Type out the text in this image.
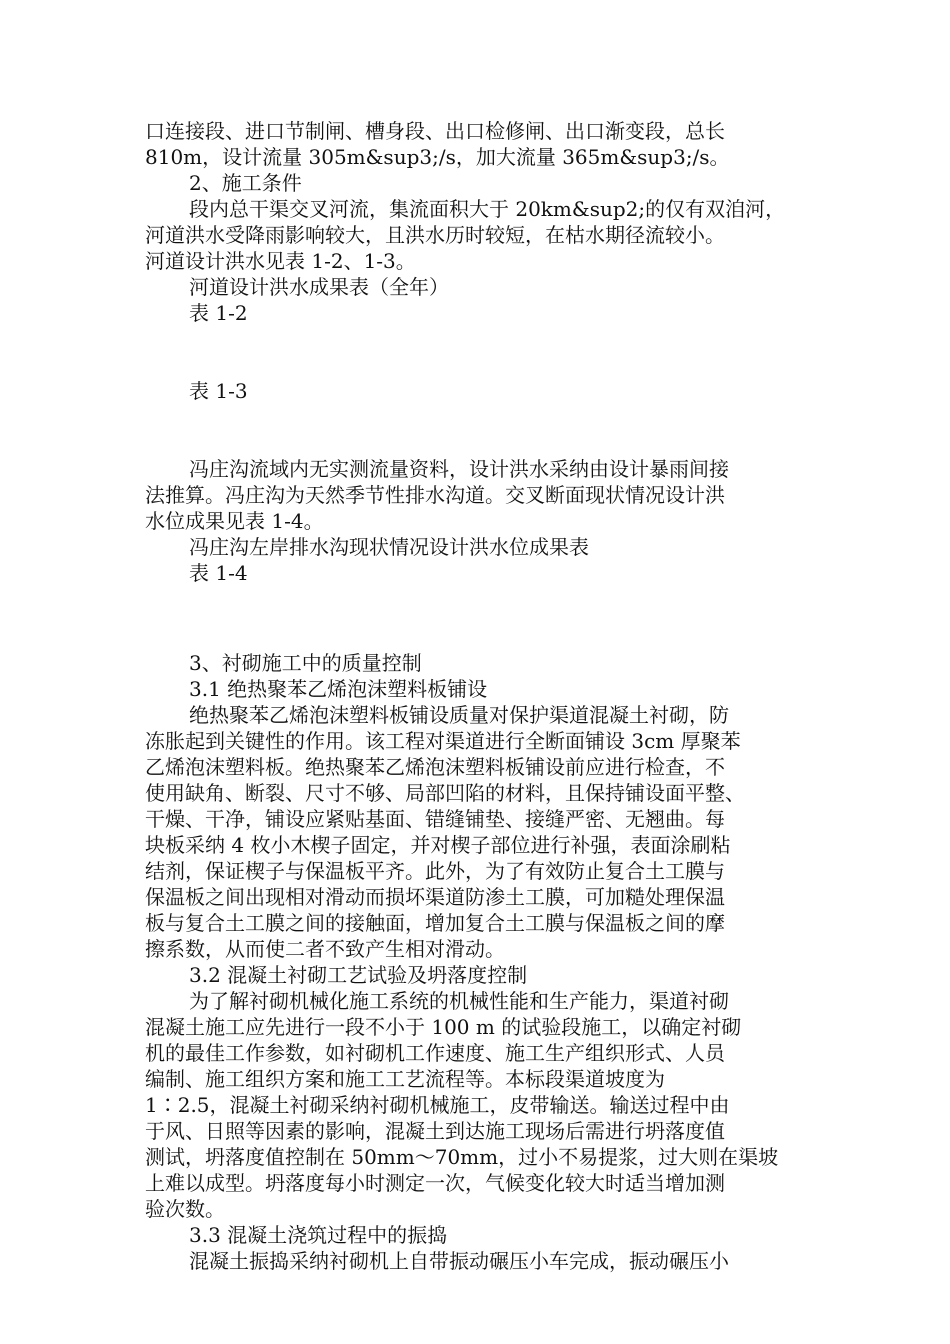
口连接段、进口节制闸、槽身段、出口检修闸、出口渐变段，总长
810m，设计流量 305m&sup3;/s，加大流量 365m&sup3;/s。
2、施工条件
段内总干渠交叉河流，集流面积大于 20km&sup2;的仅有双洎河，
河道洪水受降雨影响较大，且洪水历时较短，在枯水期径流较小。
河道设计洪水见表 1-2、1-3。
河道设计洪水成果表（全年）
表 1-2
表 1-3
冯庄沟流域内无实测流量资料，设计洪水采纳由设计暴雨间接
法推算。冯庄沟为天然季节性排水沟道。交叉断面现状情况设计洪
水位成果见表 1-4。
冯庄沟左岸排水沟现状情况设计洪水位成果表
表 1-4
3、衬砌施工中的质量控制
3.1 绝热聚苯乙烯泡沫塑料板铺设
绝热聚苯乙烯泡沫塑料板铺设质量对保护渠道混凝土衬砌，防
冻胀起到关键性的作用。该工程对渠道进行全断面铺设 3cm 厚聚苯
乙烯泡沫塑料板。绝热聚苯乙烯泡沫塑料板铺设前应进行检查，不
使用缺角、断裂、尺寸不够、局部凹陷的材料，且保持铺设面平整、
干燥、干净，铺设应紧贴基面、错缝铺垫、接缝严密、无翘曲。每
块板采纳 4 枚小木楔子固定，并对楔子部位进行补强，表面涂刷粘
结剂，保证楔子与保温板平齐。此外，为了有效防止复合土工膜与
保温板之间出现相对滑动而损坏渠道防渗土工膜，可加糙处理保温
板与复合土工膜之间的接触面，增加复合土工膜与保温板之间的摩
擦系数，从而使二者不致产生相对滑动。
3.2 混凝土衬砌工艺试验及坍落度控制
为了解衬砌机械化施工系统的机械性能和生产能力，渠道衬砌
混凝土施工应先进行一段不小于 100 m 的试验段施工，以确定衬砌
机的最佳工作参数，如衬砌机工作速度、施工生产组织形式、人员
编制、施工组织方案和施工工艺流程等。本标段渠道坡度为
1∶2.5，混凝土衬砌采纳衬砌机械施工，皮带输送。输送过程中由
于风、日照等因素的影响，混凝土到达施工现场后需进行坍落度值
测试，坍落度值控制在 50mm～70mm，过小不易提浆，过大则在渠坡
上难以成型。坍落度每小时测定一次，气候变化较大时适当增加测
验次数。
3.3 混凝土浇筑过程中的振捣
混凝土振捣采纳衬砌机上自带振动碾压小车完成，振动碾压小
